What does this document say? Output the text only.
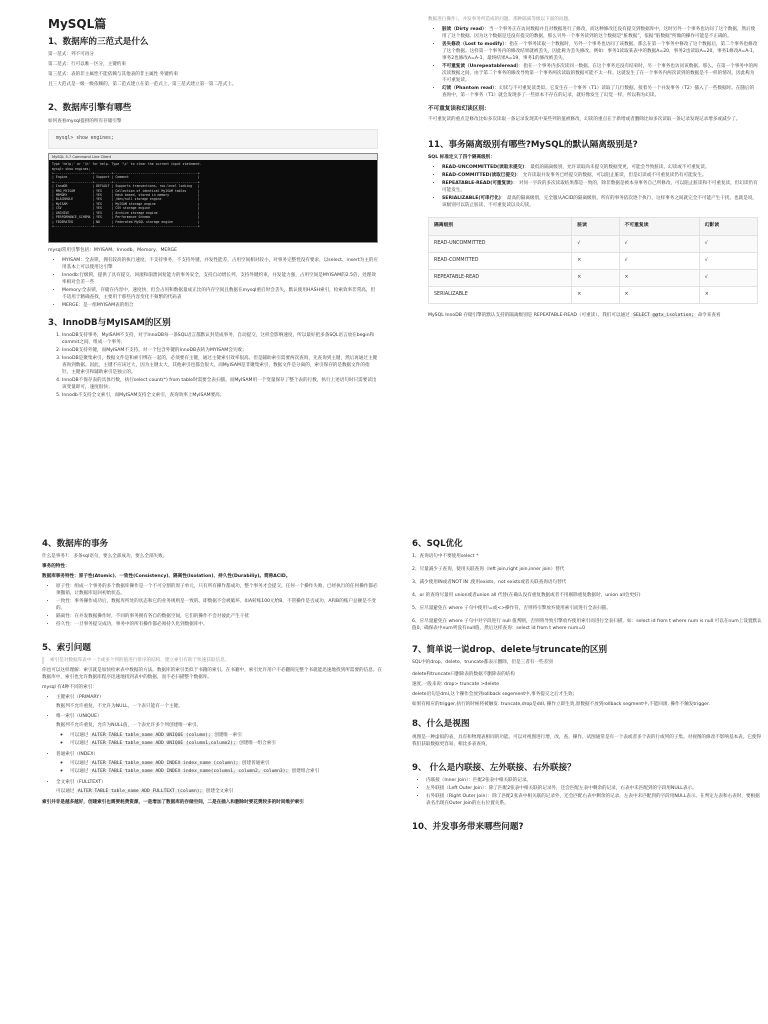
MySQL篇
1、数据库的三范式是什么

第一范式：列不可再分

第二范式：行可以唯一区分，主键约束

第三范式：表的非主属性不能依赖与其他表的非主属性 外键约束

且三大范式是一级一级依赖的，第二范式建立在第一范式上，第三范式建立第一第二范式上。

2、数据库引擎有哪些

如何查看mysql提供的所有存储引擎

mysql> show engines;
MySQL 5.7 Command Line Client
Type 'help;' or '\h' for help. Type '\c' to clear the current input statement.
mysql> show engines;
+--------------------+---------+--------------------------------------------+
| Engine             | Support | Comment                                    |
+--------------------+---------+--------------------------------------------+
| InnoDB             | DEFAULT | Supports transactions, row-level locking   |
| MRG_MYISAM         | YES     | Collection of identical MyISAM tables      |
| MEMORY             | YES     | Hash based, stored in memory               |
| BLACKHOLE          | YES     | /dev/null storage engine                   |
| MyISAM             | YES     | MyISAM storage engine                      |
| CSV                | YES     | CSV storage engine                         |
| ARCHIVE            | YES     | Archive storage engine                     |
| PERFORMANCE_SCHEMA | YES     | Performance Schema                         |
| FEDERATED          | NO      | Federated MySQL storage engine             |
+--------------------+---------+--------------------------------------------+

mysql常用引擎包括：MYISAM、Innodb、Memory、MERGE

• MYISAM：全表锁，拥有较高的执行速度，不支持事务，不支持外键，并发性能差，占用空间相对较小，对事务完整性没有要求，以select、insert为主的应用基本上可以使用这引擎
• Innodb:行级锁，提供了具有提交、回滚和崩溃回复能力的事务安全，支持自动增长列，支持外键约束，并发能力强，占用空间是MYISAM的2.5倍，处理效率相对会差一些
• Memory:全表锁，存储在内容中，速度快，但会占用和数据量成正比的内存空间且数据在mysql重启时会丢失，默认使用HASH索引，检索效率非常高，但不适用于精确查找，主要用于那些内容变化不频繁的代码表
• MERGE：是一组MYISAM表的组合
3、InnoDB与MyISAM的区别
1. InnoDB支持事务，MyISAM不支持，对于InnoDB每一条SQL语言都默认封装成事务，自动提交，这样会影响速度，所以最好把多条SQL语言放在begin和commit之间，组成一个事务；
2. InnoDB支持外键，而MyISAM不支持。对一个包含外键的InnoDB表转为MYISAM会失败；
3. InnoDB是聚集索引，数据文件是和索引绑在一起的，必须要有主键，通过主键索引效率很高。但是辅助索引需要两次查询，先查询到主键，然后再通过主键查询到数据。因此，主键不应该过大，因为主键太大，其他索引也都会很大。而MyISAM是非聚集索引，数据文件是分离的，索引保存的是数据文件的指针。主键索引和辅助索引是独立的。
4. InnoDB不保存表的具体行数，执行select count(*) from table时需要全表扫描。而MyISAM用一个变量保存了整个表的行数，执行上述语句时只需要读出该变量即可，速度很快；
5. Innodb不支持全文索引，而MyISAM支持全文索引，查询效率上MyISAM要高；

数据进行操作），并发事务所造成的问题。那种隔离等级以下面的问题。

• 脏读（Dirty read）：当一个事务正在访问数据并且对数据进行了修改，而这种修改还没有提交到数据库中，这时另外一个事务也访问了这个数据，然后使用了这个数据。因为这个数据是还没有提交的数据，那么另外一个事务读到的这个数据是“脏数据”，依据“脏数据”所做的操作可能是不正确的。
• 丢失修改（Lost to modify）：指在一个事务读取一个数据时，另外一个事务也访问了该数据，那么在第一个事务中修改了这个数据后，第二个事务也修改了这个数据。这样第一个事务内的修改结果就被丢失，因此称为丢失修改。例如：事务1读取某表中的数据A=20，事务2也读取A=20，事务1修改A=A-1，事务2也修改A=A-1，最终结果A=19，事务1的修改被丢失。
• 不可重复读（Unrepeatableread）：指在一个事务内多次读同一数据。在这个事务还没有结束时，另一个事务也访问该数据。那么，在第一个事务中的两次读数据之间，由于第二个事务的修改导致第一个事务两次读取的数据可能不太一样。这就发生了在一个事务内两次读到的数据是不一样的情况，因此称为不可重复读。
• 幻读（Phantom read）：幻读与不可重复读类似。它发生在一个事务（T1）读取了几行数据，接着另一个并发事务（T2）插入了一些数据时。在随后的查询中，第一个事务（T1）就会发现多了一些原本不存在的记录，就好像发生了幻觉一样，所以称为幻读。
不可重复读和幻读区别：

不可重复读的重点是修改比如多次读取一条记录发现其中某些列的值被修改，幻读的重点在于新增或者删除比如多次读取一条记录发现记录增多或减少了。

11、事务隔离级别有哪些?MySQL的默认隔离级别是?

SQL 标准定义了四个隔离级别：

• READ-UNCOMMITTED(读取未提交)： 最低的隔离级别，允许读取尚未提交的数据变更，可能会导致脏读、幻读或不可重复读。
• READ-COMMITTED(读取已提交)： 允许读取并发事务已经提交的数据，可以阻止脏读，但是幻读或不可重复读仍有可能发生。
• REPEATABLE-READ(可重复读)： 对同一字段的多次读取结果都是一致的，除非数据是被本身事务自己所修改，可以阻止脏读和不可重复读，但幻读仍有可能发生。
• SERIALIZABLE(可串行化)： 最高的隔离级别，完全服从ACID的隔离级别。所有的事务依次逐个执行，这样事务之间就完全不可能产生干扰，也就是说，该级别可以防止脏读、不可重复读以及幻读。
隔离级别	脏读	不可重复读	幻影读
READ-UNCOMMITTED	√	√	√
READ-COMMITTED	×	√	√
REPEATABLE-READ	×	×	√
SERIALIZABLE	×	×	×

MySQL InnoDB 存储引擎的默认支持的隔离级别是 REPEATABLE-READ（可重读）。我们可以通过 SELECT @@tx_isolation; 命令来查看

4、数据库的事务

什么是事务?： 多条sql语句，要么全部成功，要么全部失败。

事务的特性：

数据库事务特性：原子性(Atomic)、一致性(Consistency)、隔离性(Isolation)、持久性(Durabiliy)。简称ACID。

• 原子性：组成一个事务的多个数据库操作是一个不可分割的原子单元，只有所有操作都成功，整个事务才会提交。任何一个操作失败，已经执行的任何操作都必须撤销，让数据库返回初始状态。
• 一致性：事务操作成功后，数据库所处的状态和它的业务规则是一致的。即数据不会被破坏。如A转账100元给B，不管操作是否成功，A和B的账户总额是不变的。
• 隔离性：在并发数据操作时，不同的事务拥有各自的数据空间，它们的操作不会对彼此产生干扰
• 持久性：一旦事务提交成功，事务中的所有操作都必须持久化到数据库中。
5、索引问题
索引是对数据库表中一个或多个列的值进行排序的结构，建立索引有助于快速获取信息。

你也可以这样理解：索引就是加快检索表中数据的方法。数据库的索引类似于书籍的索引。在书籍中，索引允许用户不必翻阅完整个书就能迅速地找到所需要的信息。在数据库中，索引也允许数据库程序迅速地找到表中的数据，而不必扫描整个数据库。

mysql 有4种不同的索引：

• 主键索引（PRIMARY）

数据列不允许重复，不允许为NULL，一个表只能有一个主键。

• 唯一索引（UNIQUE）

数据列不允许重复，允许为NULL值，一个表允许多个列创建唯一索引。

◦ 可以通过 ALTER TABLE table_name ADD UNIQUE (column); 创建唯一索引
◦ 可以通过 ALTER TABLE table_name ADD UNIQUE (column1,column2); 创建唯一组合索引
• 普通索引（INDEX）
◦ 可以通过 ALTER TABLE table_name ADD INDEX index_name (column); 创建普通索引
◦ 可以通过 ALTER TABLE table_name ADD INDEX index_name(column1, column2, column3); 创建组合索引
• 全文索引（FULLTEXT）

可以通过 ALTER TABLE table_name ADD FULLTEXT (column); 创建全文索引

索引并非是越多越好，创建索引也需要耗费资源，一是增加了数据库的存储空间，二是在插入和删除时要花费较多的时间维护索引

6、SQL优化

1、查询语句中不要使用select *

2、尽量减少子查询，使用关联查询（left join,right join,inner join）替代

3、减少使用IN或者NOT IN ,使用exists，not exists或者关联查询语句替代

4、or 的查询尽量用 union或者union all 代替(在确认没有重复数据或者不用剔除重复数据时，union all会更好)

5、应尽量避免在 where 子句中使用!=或<>操作符，否则将引擎放弃使用索引而进行全表扫描。

6、应尽量避免在 where 子句中对字段进行 null 值判断，否则将导致引擎放弃使用索引而进行全表扫描，如：select id from t where num is null 可以在num上设置默认值0，确保表中num列没有null值，然后这样查询：select id from t where num=0

7、简单说一说drop、delete与truncate的区别

SQL中的drop、delete、truncate都表示删除，但是三者有一些差别

delete和truncate只删除表的数据不删除表的结构

速度,一般来说: drop> truncate >delete

delete语句是dml,这个操作会放到rollback segement中,事务提交之后才生效;

如果有相应的trigger,执行的时候将被触发. truncate,drop是ddl, 操作立即生效,原数据不放到rollback segment中,不能回滚. 操作不触发trigger.

8、什么是视图

视图是一种虚拟的表，具有和物理表相同的功能。可以对视图进行增，改，查，操作，试图通常是有一个表或者多个表的行或列的子集。对视图的修改不影响基本表。它使得我们获取数据更容易，相比多表查询。

9、 什么是内联接、左外联接、右外联接？
• 内联接（Inner Join）：匹配2张表中相关联的记录。
• 左外联接（Left Outer Join）：除了匹配2张表中相关联的记录外，还会匹配左表中剩余的记录，右表中未匹配到的字段用NULL表示。
• 右外联接（Right Outer Join）：除了匹配2张表中相关联的记录外，还会匹配右表中剩余的记录，左表中未匹配到的字段用NULL表示。在判定左表和右表时，要根据表名出现在Outer Join的左右位置关系。
10、并发事务带来哪些问题?
